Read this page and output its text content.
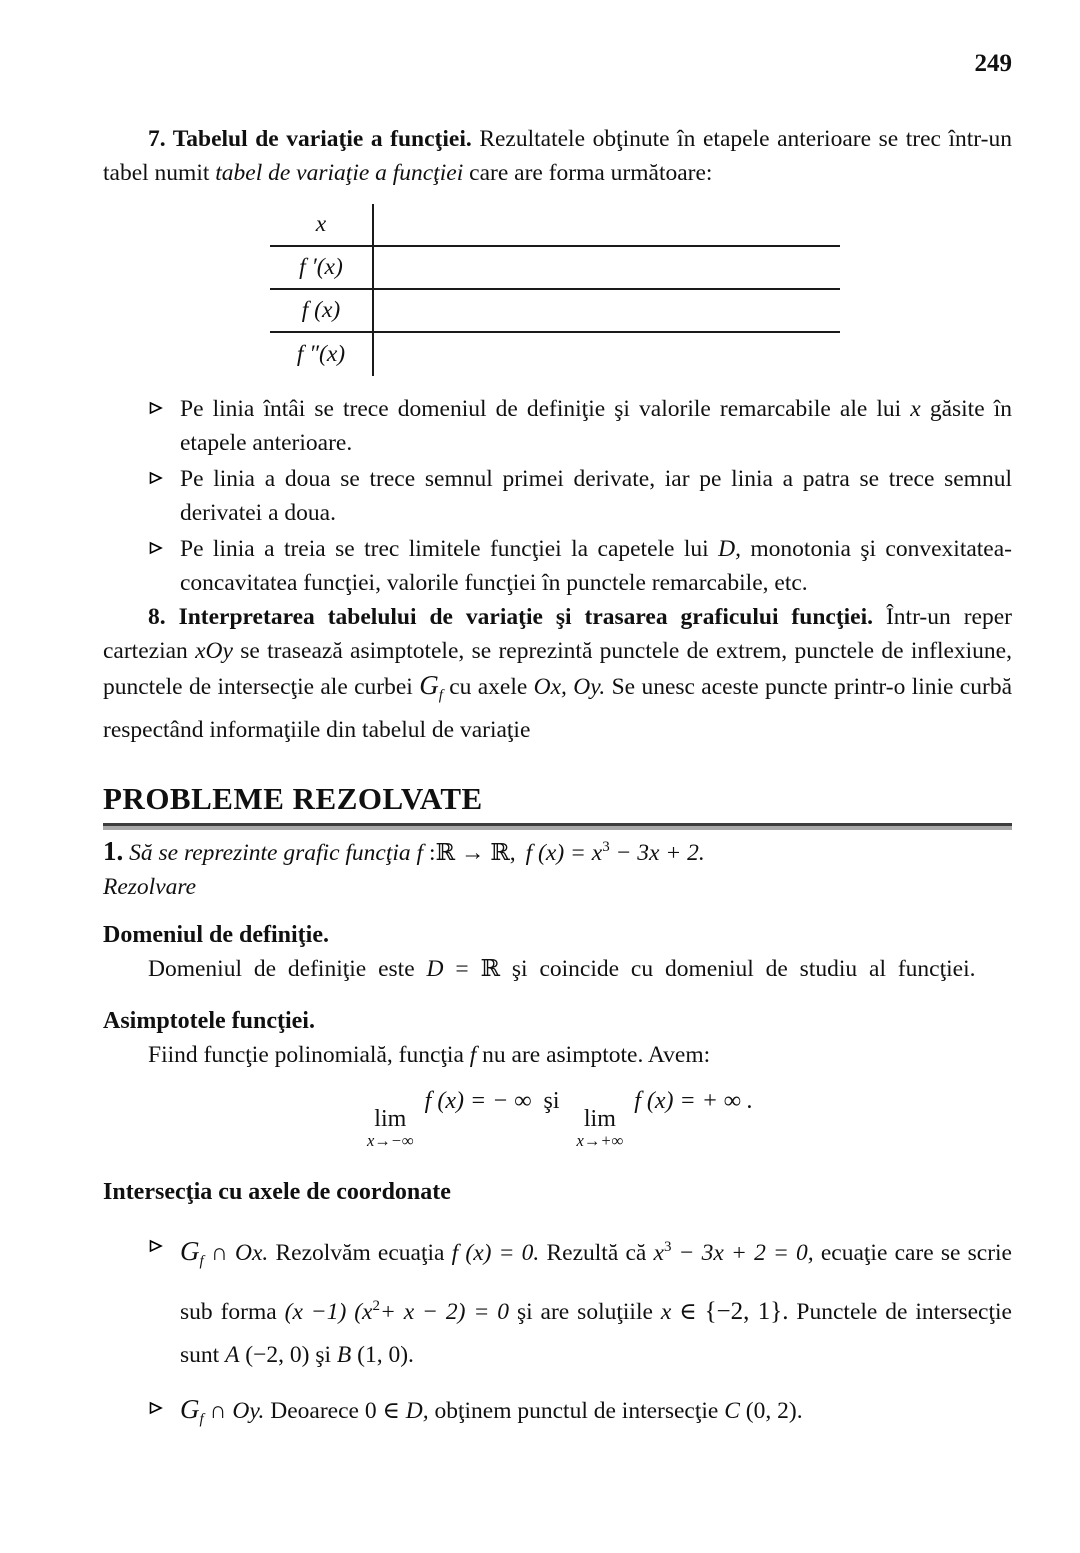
249

7. Tabelul de variaţie a funcţiei. Rezultatele obţinute în etapele anterioare se trec într-un tabel numit tabel de variaţie a funcţiei care are forma următoare:

x
f ′(x)
f (x)
f ″(x)
Pe linia întâi se trece domeniul de definiţie şi valorile remarcabile ale lui x găsite în etapele anterioare.
Pe linia a doua se trece semnul primei derivate, iar pe linia a patra se trece semnul derivatei a doua.
Pe linia a treia se trec limitele funcţiei la capetele lui D, monotonia şi convexitatea-concavitatea funcţiei, valorile funcţiei în punctele remarcabile, etc.

8. Interpretarea tabelului de variaţie şi trasarea graficului funcţiei. Într-un reper cartezian xOy se trasează asimptotele, se reprezintă punctele de extrem, punctele de inflexiune, punctele de intersecţie ale curbei $G_f$ cu axele Ox, Oy. Se unesc aceste puncte printr-o linie curbă respectând informaţiile din tabelul de variaţie

PROBLEME REZOLVATE

1. Să se reprezinte grafic funcţia f :ℝ → ℝ, f $(x) = x^3 - 3x + 2$.

Rezolvare

Domeniul de definiţie.

Domeniul de definiţie este D = ℝ şi coincide cu domeniul de studiu al funcţiei.

Asimptotele funcţiei.

Fiind funcţie polinomială, funcţia f nu are asimptote. Avem:

lim
x→−∞
f (x) = − ∞ şi
lim
x→+∞
f (x) = + ∞ .
Intersecţia cu axele de coordonate
$G_f$ ∩ Ox. Rezolvăm ecuaţia f (x) = 0. Rezultă că $x^3 - 3x + 2 = 0$, ecuaţie care se scrie sub forma (x −1) $(x^2+ x - 2) = 0$ şi are soluţiile x ∈ {−2, 1}. Punctele de intersecţie sunt A (−2, 0) şi B (1, 0).
$G_f$ ∩ Oy. Deoarece 0 ∈ D, obţinem punctul de intersecţie C (0, 2).
